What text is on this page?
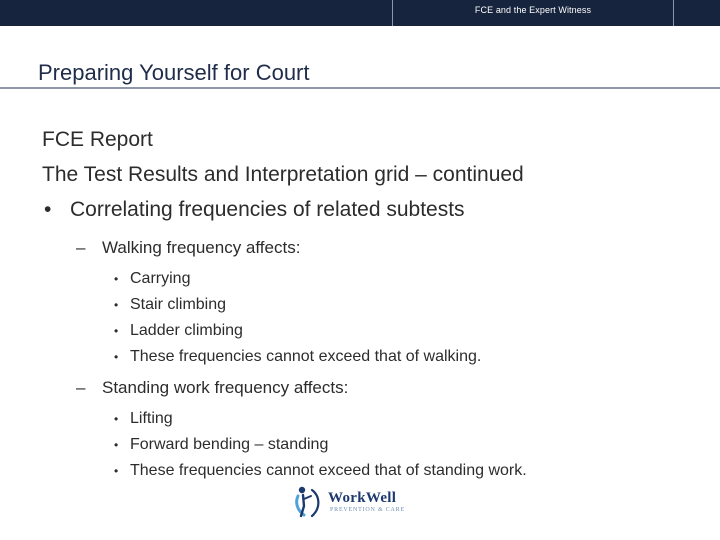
FCE and the Expert Witness
Preparing Yourself for Court
FCE Report
The Test Results and Interpretation grid – continued
• Correlating frequencies of related subtests
– Walking frequency affects:
• Carrying
• Stair climbing
• Ladder climbing
• These frequencies cannot exceed that of walking.
– Standing work frequency affects:
• Lifting
• Forward bending – standing
• These frequencies cannot exceed that of standing work.
WorkWell
PREVENTION & CARE
